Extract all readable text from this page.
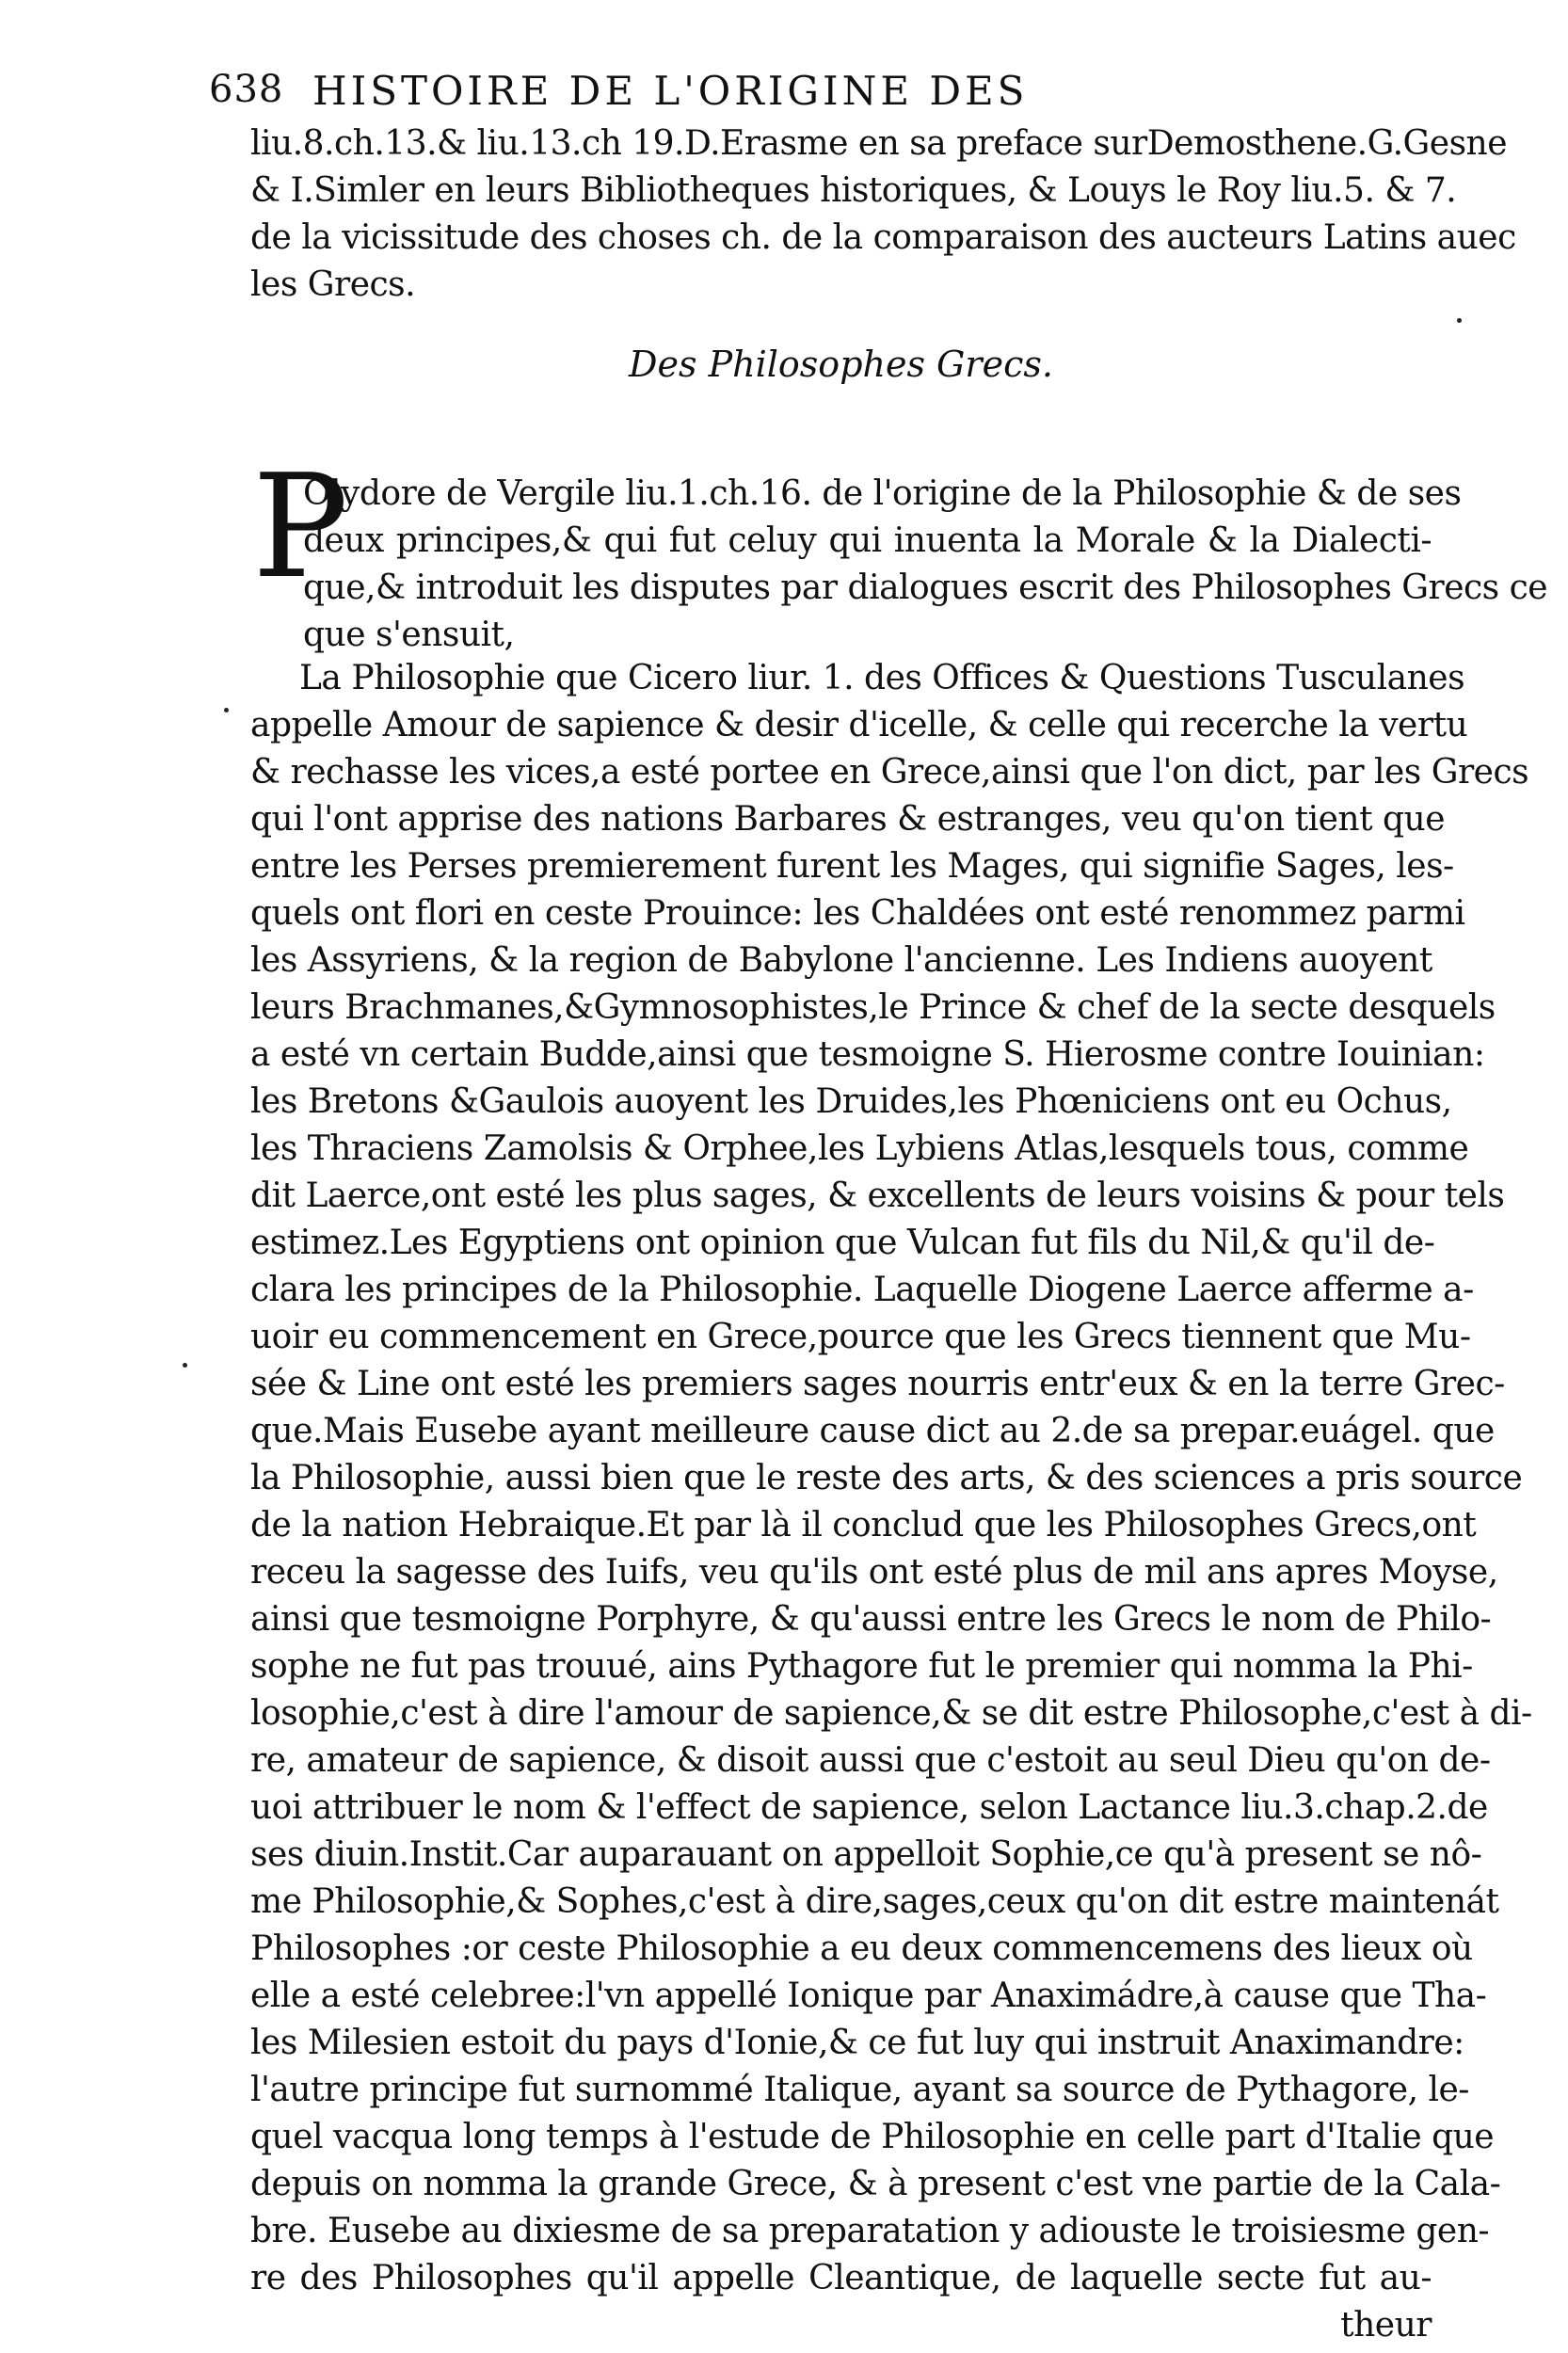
638 HISTOIRE DE L'ORIGINE DES
liu.8.ch.13.& liu.13.ch 19.D.Erasme en sa preface surDemosthene.G.Gesne
& I.Simler en leurs Bibliotheques historiques, & Louys le Roy liu.5. & 7.
de la vicissitude des choses ch. de la comparaison des aucteurs Latins auec
les Grecs.
Des Philosophes Grecs.
P
Olydore de Vergile liu.1.ch.16. de l'origine de la Philosophie & de ses
deux principes,& qui fut celuy qui inuenta la Morale & la Dialecti-
que,& introduit les disputes par dialogues escrit des Philosophes Grecs ce
que s'ensuit,
La Philosophie que Cicero liur. 1. des Offices & Questions Tusculanes
appelle Amour de sapience & desir d'icelle, & celle qui recerche la vertu
& rechasse les vices,a esté portee en Grece,ainsi que l'on dict, par les Grecs
qui l'ont apprise des nations Barbares & estranges, veu qu'on tient que
entre les Perses premierement furent les Mages, qui signifie Sages, les-
quels ont flori en ceste Prouince: les Chaldées ont esté renommez parmi
les Assyriens, & la region de Babylone l'ancienne. Les Indiens auoyent
leurs Brachmanes,&Gymnosophistes,le Prince & chef de la secte desquels
a esté vn certain Budde,ainsi que tesmoigne S. Hierosme contre Iouinian:
les Bretons &Gaulois auoyent les Druides,les Phœniciens ont eu Ochus,
les Thraciens Zamolsis & Orphee,les Lybiens Atlas,lesquels tous, comme
dit Laerce,ont esté les plus sages, & excellents de leurs voisins & pour tels
estimez.Les Egyptiens ont opinion que Vulcan fut fils du Nil,& qu'il de-
clara les principes de la Philosophie. Laquelle Diogene Laerce afferme a-
uoir eu commencement en Grece,pource que les Grecs tiennent que Mu-
sée & Line ont esté les premiers sages nourris entr'eux & en la terre Grec-
que.Mais Eusebe ayant meilleure cause dict au 2.de sa prepar.euágel. que
la Philosophie, aussi bien que le reste des arts, & des sciences a pris source
de la nation Hebraique.Et par là il conclud que les Philosophes Grecs,ont
receu la sagesse des Iuifs, veu qu'ils ont esté plus de mil ans apres Moyse,
ainsi que tesmoigne Porphyre, & qu'aussi entre les Grecs le nom de Philo-
sophe ne fut pas trouué, ains Pythagore fut le premier qui nomma la Phi-
losophie,c'est à dire l'amour de sapience,& se dit estre Philosophe,c'est à di-
re, amateur de sapience, & disoit aussi que c'estoit au seul Dieu qu'on de-
uoi attribuer le nom & l'effect de sapience, selon Lactance liu.3.chap.2.de
ses diuin.Instit.Car auparauant on appelloit Sophie,ce qu'à present se nô-
me Philosophie,& Sophes,c'est à dire,sages,ceux qu'on dit estre maintenát
Philosophes :or ceste Philosophie a eu deux commencemens des lieux où
elle a esté celebree:l'vn appellé Ionique par Anaximádre,à cause que Tha-
les Milesien estoit du pays d'Ionie,& ce fut luy qui instruit Anaximandre:
l'autre principe fut surnommé Italique, ayant sa source de Pythagore, le-
quel vacqua long temps à l'estude de Philosophie en celle part d'Italie que
depuis on nomma la grande Grece, & à present c'est vne partie de la Cala-
bre. Eusebe au dixiesme de sa preparatation y adiouste le troisiesme gen-
re des Philosophes qu'il appelle Cleantique, de laquelle secte fut au-
theur
